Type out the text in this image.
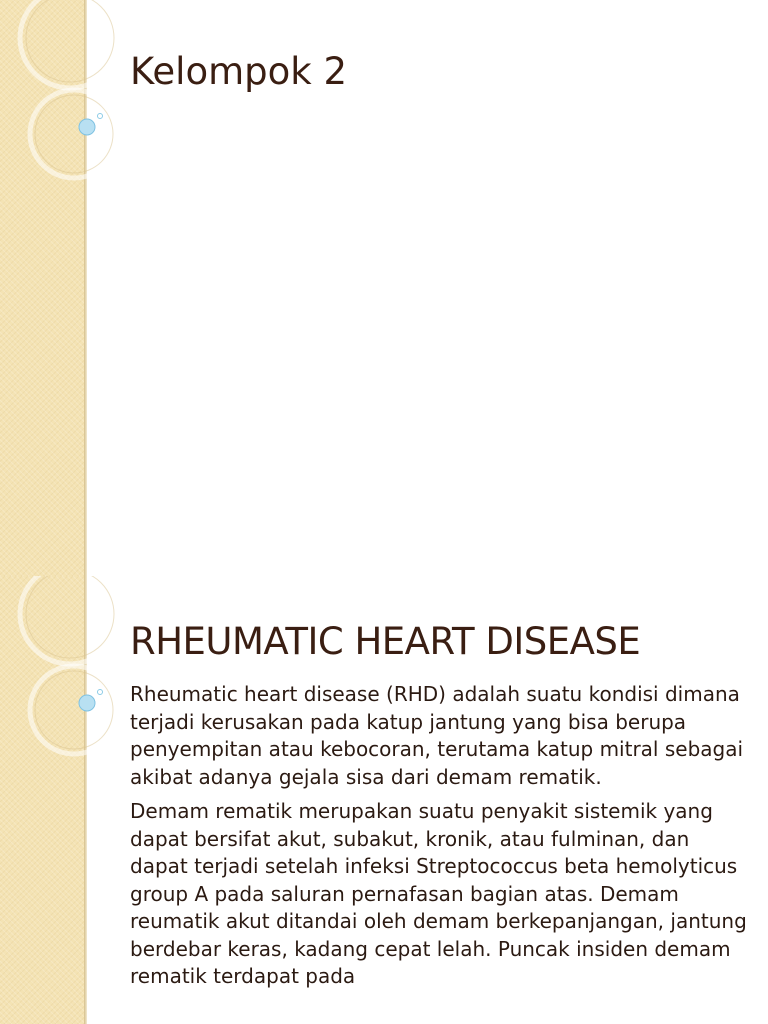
Kelompok 2
RHEUMATIC HEART DISEASE

Rheumatic heart disease (RHD) adalah suatu kondisi dimana terjadi kerusakan pada katup jantung yang bisa berupa penyempitan atau kebocoran, terutama katup mitral sebagai akibat adanya gejala sisa dari demam rematik.

Demam rematik merupakan suatu penyakit sistemik yang dapat bersifat akut, subakut, kronik, atau fulminan, dan dapat terjadi setelah infeksi Streptococcus beta hemolyticus group A pada saluran pernafasan bagian atas. Demam reumatik akut ditandai oleh demam berkepanjangan, jantung berdebar keras, kadang cepat lelah. Puncak insiden demam rematik terdapat pada
